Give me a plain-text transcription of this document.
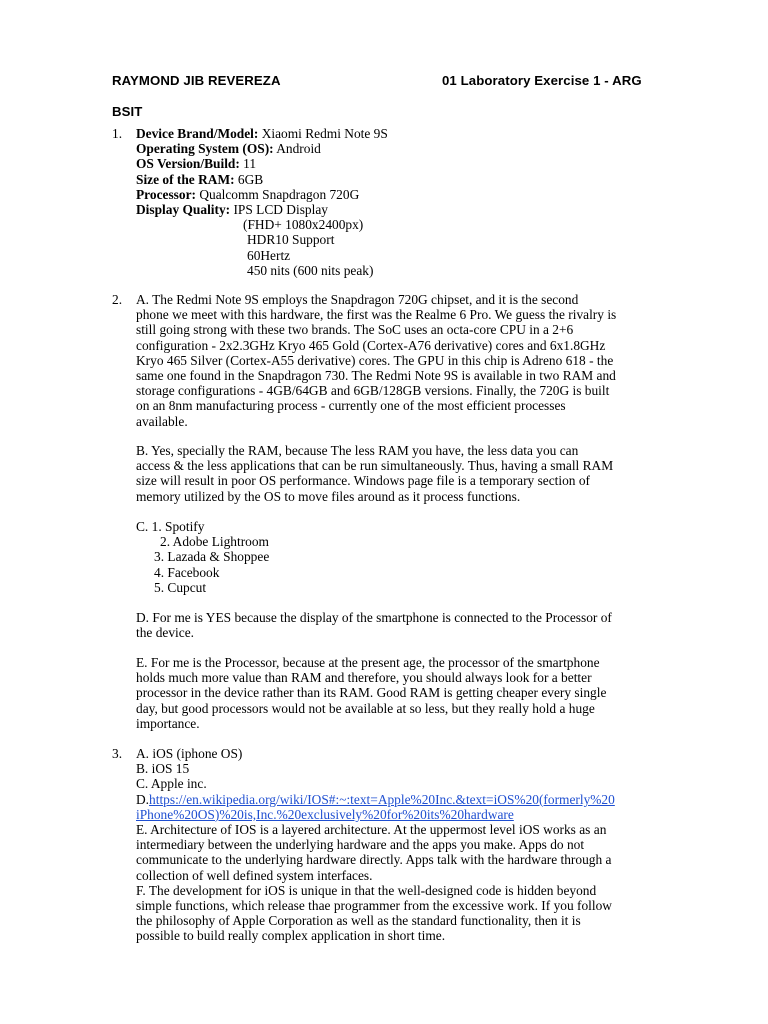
RAYMOND JIB REVEREZA	01 Laboratory Exercise 1 - ARG
BSIT
1. Device Brand/Model: Xiaomi Redmi Note 9S
Operating System (OS): Android
OS Version/Build: 11
Size of the RAM: 6GB
Processor: Qualcomm Snapdragon 720G
Display Quality: IPS LCD Display
(FHD+ 1080x2400px)
HDR10 Support
60Hertz
450 nits (600 nits peak)
2. A. The Redmi Note 9S employs the Snapdragon 720G chipset, and it is the second
phone we meet with this hardware, the first was the Realme 6 Pro. We guess the rivalry is
still going strong with these two brands. The SoC uses an octa-core CPU in a 2+6
configuration - 2x2.3GHz Kryo 465 Gold (Cortex-A76 derivative) cores and 6x1.8GHz
Kryo 465 Silver (Cortex-A55 derivative) cores. The GPU in this chip is Adreno 618 - the
same one found in the Snapdragon 730. The Redmi Note 9S is available in two RAM and
storage configurations - 4GB/64GB and 6GB/128GB versions. Finally, the 720G is built
on an 8nm manufacturing process - currently one of the most efficient processes
available.
B. Yes, specially the RAM, because The less RAM you have, the less data you can
access & the less applications that can be run simultaneously. Thus, having a small RAM
size will result in poor OS performance. Windows page file is a temporary section of
memory utilized by the OS to move files around as it process functions.
C. 1. Spotify
2. Adobe Lightroom
3. Lazada & Shoppee
4. Facebook
5. Cupcut
D. For me is YES because the display of the smartphone is connected to the Processor of
the device.
E. For me is the Processor, because at the present age, the processor of the smartphone
holds much more value than RAM and therefore, you should always look for a better
processor in the device rather than its RAM. Good RAM is getting cheaper every single
day, but good processors would not be available at so less, but they really hold a huge
importance.
3. A. iOS (iphone OS)
B. iOS 15
C. Apple inc.
D.https://en.wikipedia.org/wiki/IOS#:~:text=Apple%20Inc.&text=iOS%20(formerly%20
iPhone%20OS)%20is,Inc.%20exclusively%20for%20its%20hardware
E. Architecture of IOS is a layered architecture. At the uppermost level iOS works as an
intermediary between the underlying hardware and the apps you make. Apps do not
communicate to the underlying hardware directly. Apps talk with the hardware through a
collection of well defined system interfaces.
F. The development for iOS is unique in that the well-designed code is hidden beyond
simple functions, which release thae programmer from the excessive work. If you follow
the philosophy of Apple Corporation as well as the standard functionality, then it is
possible to build really complex application in short time.
